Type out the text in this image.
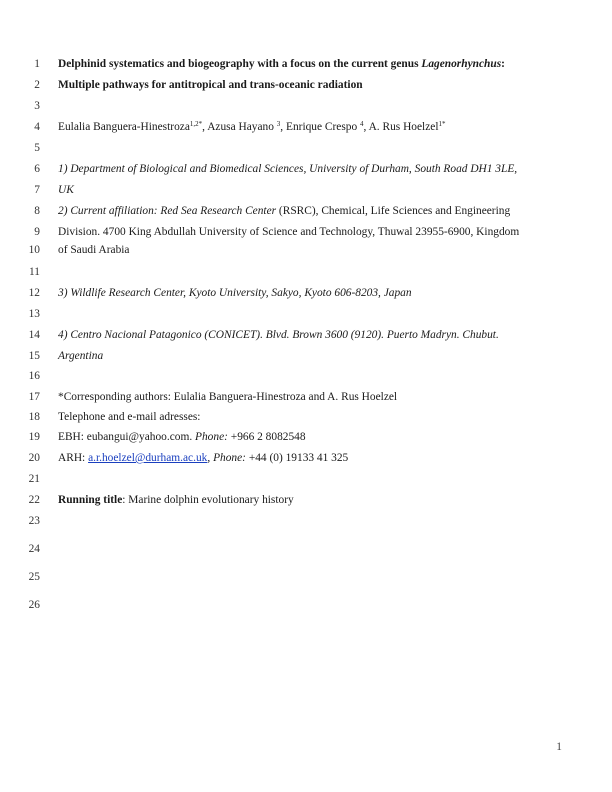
1
2
3
4
5
6
7
8
9
10
11
12
13
14
15
16
17
18
19
20
21
22
23
24
25
26
Delphinid systematics and biogeography with a focus on the current genus Lagenorhynchus:
Multiple pathways for antitropical and trans-oceanic radiation
Eulalia Banguera-Hinestroza$^{1,2*}$, Azusa Hayano $^3$, Enrique Crespo $^4$, A. Rus Hoelzel$^{1*}$
1) Department of Biological and Biomedical Sciences, University of Durham, South Road DH1 3LE,
UK
2) Current affiliation: Red Sea Research Center (RSRC), Chemical, Life Sciences and Engineering
Division. 4700 King Abdullah University of Science and Technology, Thuwal 23955-6900, Kingdom
of Saudi Arabia
3) Wildlife Research Center, Kyoto University, Sakyo, Kyoto 606-8203, Japan
4) Centro Nacional Patagonico (CONICET). Blvd. Brown 3600 (9120). Puerto Madryn. Chubut.
Argentina
*Corresponding authors: Eulalia Banguera-Hinestroza and A. Rus Hoelzel
Telephone and e-mail adresses:
EBH: eubangui@yahoo.com. Phone: +966 2 8082548
ARH: a.r.hoelzel@durham.ac.uk, Phone: +44 (0) 19133 41 325
Running title: Marine dolphin evolutionary history
1
